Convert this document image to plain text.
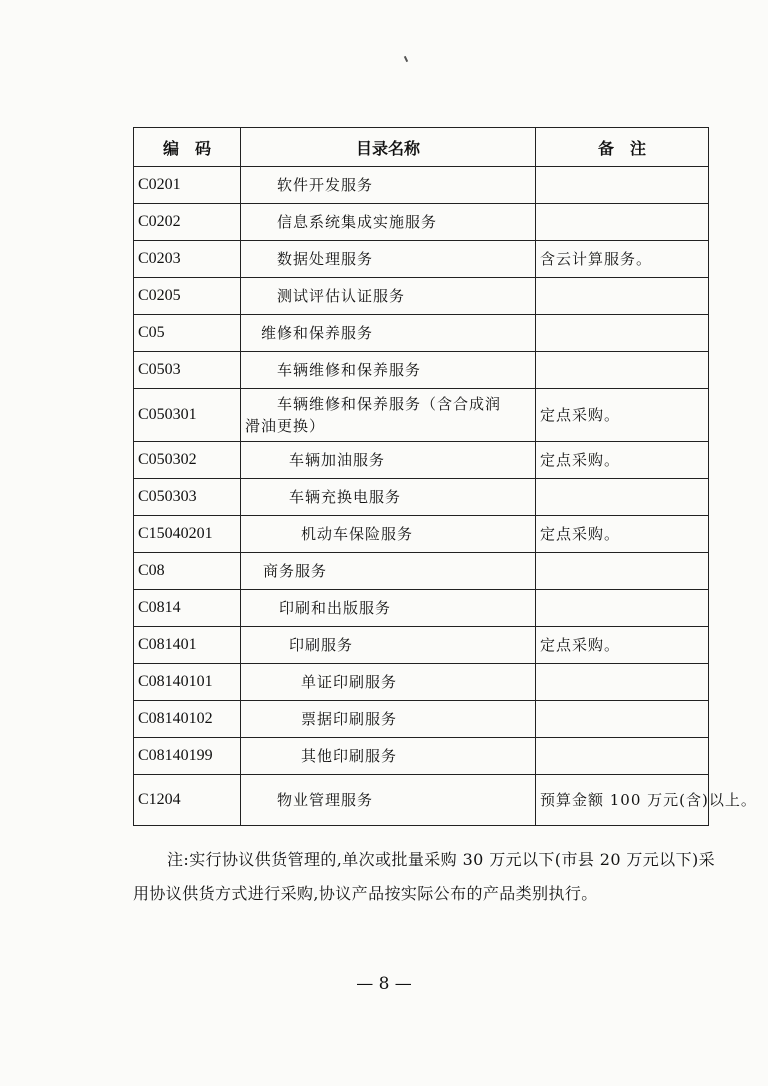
编　码	目录名称	备　注
C0201	软件开发服务	
C0202	信息系统集成实施服务	
C0203	数据处理服务	含云计算服务。
C0205	测试评估认证服务	
C05	维修和保养服务	
C0503	车辆维修和保养服务	
C050301	车辆维修和保养服务（含合成润
滑油更换）	定点采购。
C050302	车辆加油服务	定点采购。
C050303	车辆充换电服务	
C15040201	机动车保险服务	定点采购。
C08	商务服务	
C0814	印刷和出版服务	
C081401	印刷服务	定点采购。
C08140101	单证印刷服务	
C08140102	票据印刷服务	
C08140199	其他印刷服务	
C1204	物业管理服务	预算金额 100 万元(含)以上。
注:实行协议供货管理的,单次或批量采购 30 万元以下(市县 20 万元以下)采用协议供货方式进行采购,协议产品按实际公布的产品类别执行。
— 8 —
